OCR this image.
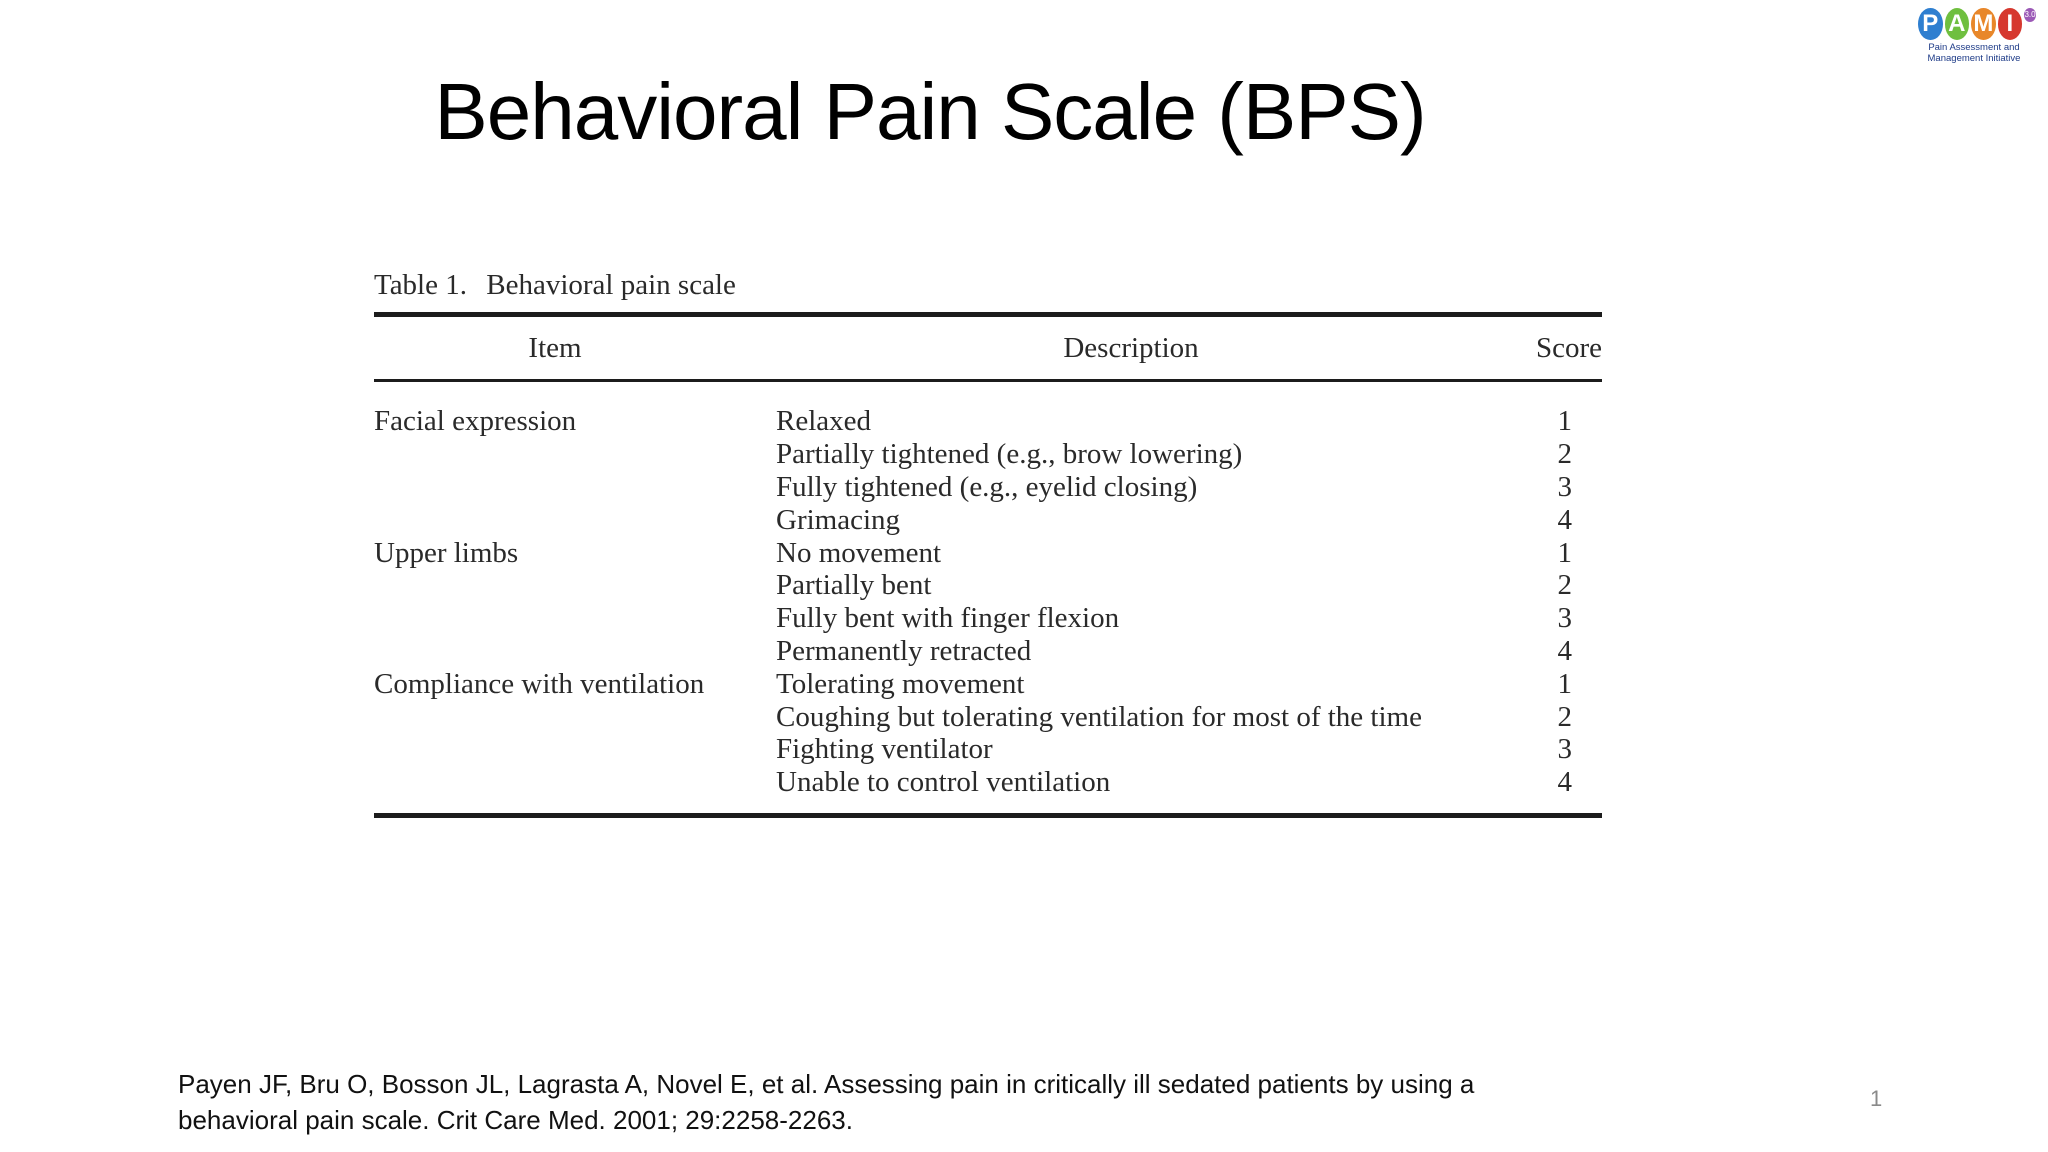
Behavioral Pain Scale (BPS)
P A M I	3.0
Pain Assessment and
Management Initiative
Table 1. Behavioral pain scale
Item	Description	Score
Facial expression	Relaxed	1
Partially tightened (e.g., brow lowering)	2
Fully tightened (e.g., eyelid closing)	3
Grimacing	4
Upper limbs	No movement	1
Partially bent	2
Fully bent with finger flexion	3
Permanently retracted	4
Compliance with ventilation	Tolerating movement	1
Coughing but tolerating ventilation for most of the time	2
Fighting ventilator	3
Unable to control ventilation	4
Payen JF, Bru O, Bosson JL, Lagrasta A, Novel E, et al. Assessing pain in critically ill sedated patients by using a
behavioral pain scale. Crit Care Med. 2001; 29:2258-2263.
1
